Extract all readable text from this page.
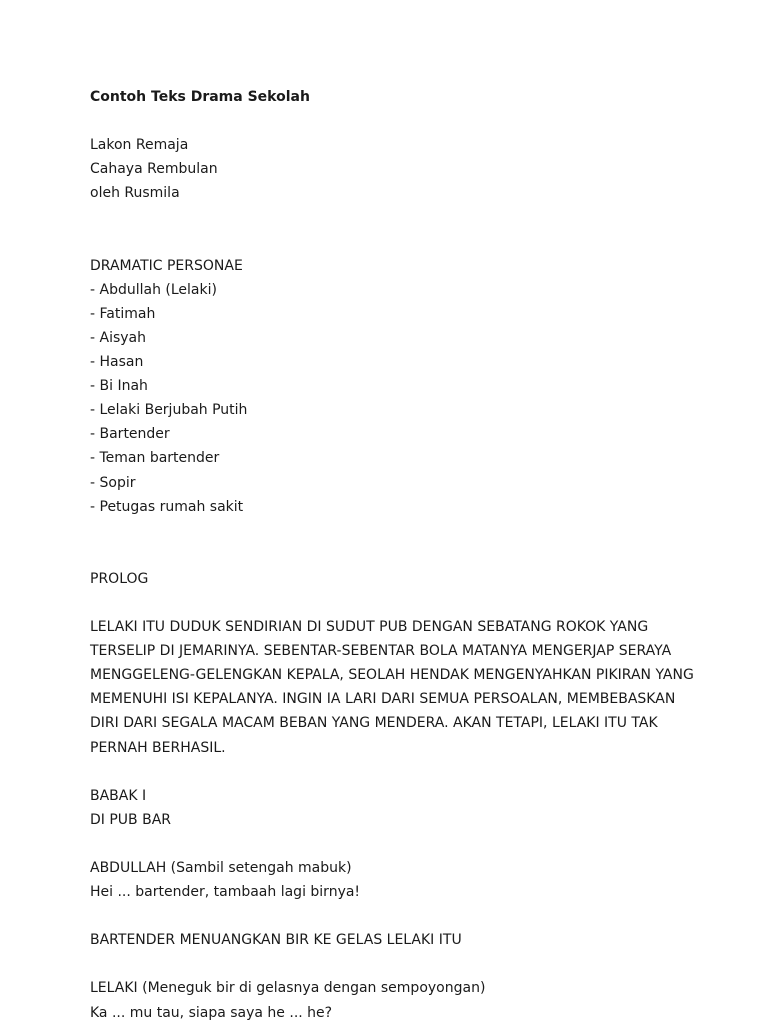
Contoh Teks Drama Sekolah

Lakon Remaja

Cahaya Rembulan

oleh Rusmila

DRAMATIC PERSONAE

- Abdullah (Lelaki)

- Fatimah

- Aisyah

- Hasan

- Bi Inah

- Lelaki Berjubah Putih

- Bartender

- Teman bartender

- Sopir

- Petugas rumah sakit

PROLOG

LELAKI ITU DUDUK SENDIRIAN DI SUDUT PUB DENGAN SEBATANG ROKOK YANG

TERSELIP DI JEMARINYA. SEBENTAR-SEBENTAR BOLA MATANYA MENGERJAP SERAYA

MENGGELENG-GELENGKAN KEPALA, SEOLAH HENDAK MENGENYAHKAN PIKIRAN YANG

MEMENUHI ISI KEPALANYA. INGIN IA LARI DARI SEMUA PERSOALAN, MEMBEBASKAN

DIRI DARI SEGALA MACAM BEBAN YANG MENDERA. AKAN TETAPI, LELAKI ITU TAK

PERNAH BERHASIL.

BABAK I

DI PUB BAR

ABDULLAH (Sambil setengah mabuk)

Hei ... bartender, tambaah lagi birnya!

BARTENDER MENUANGKAN BIR KE GELAS LELAKI ITU

LELAKI (Meneguk bir di gelasnya dengan sempoyongan)

Ka ... mu tau, siapa saya he ... he?
